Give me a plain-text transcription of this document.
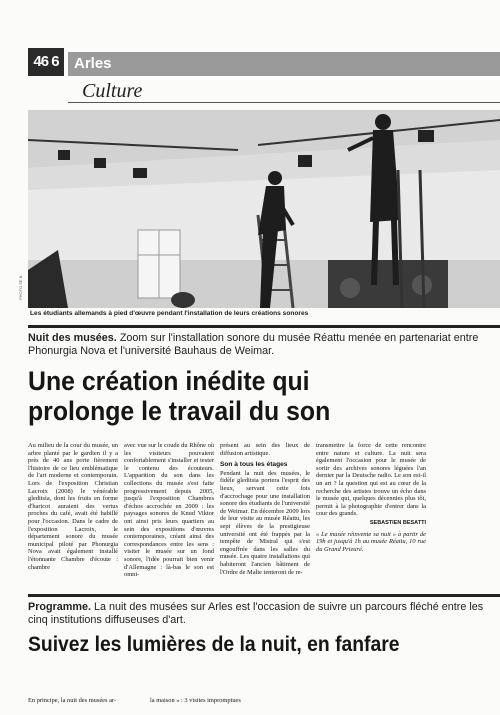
46 6	Arles
Culture
PHOTO SE B.
Les étudiants allemands à pied d'œuvre pendant l'installation de leurs créations sonores
Nuit des musées. Zoom sur l'installation sonore du musée Réattu menée en partenariat entre Phonurgia Nova et l'université Bauhaus de Weimar.
Une création inédite qui
prolonge le travail du son

Au milieu de la cour du musée, un arbre planté par le gardien il y a près de 40 ans porte fièrement l'histoire de ce lieu emblématique de l'art moderne et contemporain. Lors de l'exposition Christian Lacroix (2008) le vénérable gleditsia, dont les fruits en forme d'haricot auraient des vertus proches du café, avait été habillé pour l'occasion. Dans le cadre de l'exposition Lacroix, le département sonore du musée municipal piloté par Phonurgia Nova avait également installé l'étonnante Chambre d'écoute : chambre

avec vue sur le coude du Rhône où les visiteurs pouvaient confortablement s'installer et tester le contenu des écouteurs. L'apparition du son dans les collections du musée s'est faite progressivement depuis 2005, jusqu'à l'exposition Chambres d'échos accrochée en 2009 : les paysages sonores de Knud Viktor ont ainsi pris leurs quartiers au sein des expositions d'œuvres contemporaines, créant ainsi des correspondances entre les sens : visiter le musée sur un fond sonore, l'idée pourrait bien venir d'Allemagne : là-bas le son est omni-

présent au sein des lieux de diffusion artistique.

Son à tous les étages

Pendant la nuit des musées, le fidèle gleditsia portera l'esprit des lieux, servant cette fois d'accrochage pour une installation sonore des étudiants de l'université de Weimar. En décembre 2009 lors de leur visite au musée Réattu, les sept élèves de la prestigieuse université ont été frappés par la tempête de Mistral qui s'est engouffrée dans les salles du musée. Les quatre installations qui habiteront l'ancien bâtiment de l'Ordre de Malte tenteront de re-

transmettre la force de cette rencontre entre nature et culture. La nuit sera également l'occasion pour le musée de sortir des archives sonores léguées l'an dernier par la Deutsche radio. Le son est-il un art ? la question qui est au cœur de la recherche des artistes trouve un écho dans le musée qui, quelques décennies plus tôt, permit à la photographie d'entrer dans la cour des grands.

SEBASTIEN BESATTI
« Le musée réinvente sa nuit » à partir de 19h et jusqu'à 1h au musée Réattu, 10 rue du Grand Prieuré.
Programme. La nuit des musées sur Arles est l'occasion de suivre un parcours fléché entre les cinq institutions diffuseuses d'art.
Suivez les lumières de la nuit, en fanfare
En principe, la nuit des musées ar-	la maison » : 3 visites impromptues
